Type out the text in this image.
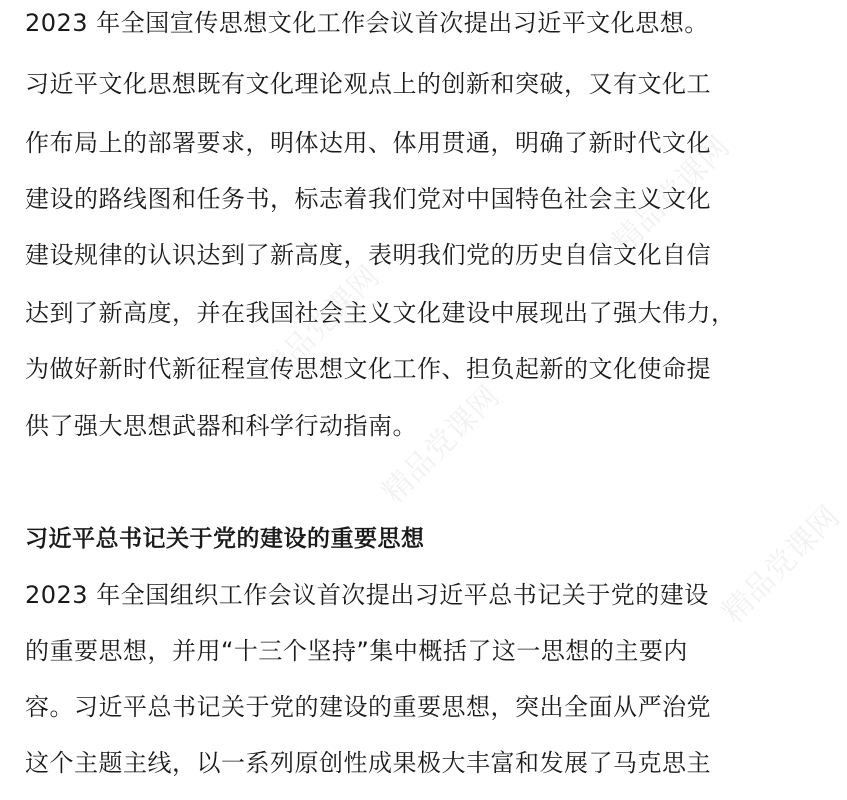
精品党课网
精品党课网
精品党课网
精品党课网
2023 年全国宣传思想文化工作会议首次提出习近平文化思想。
习近平文化思想既有文化理论观点上的创新和突破，又有文化工
作布局上的部署要求，明体达用、体用贯通，明确了新时代文化
建设的路线图和任务书，标志着我们党对中国特色社会主义文化
建设规律的认识达到了新高度，表明我们党的历史自信文化自信
达到了新高度，并在我国社会主义文化建设中展现出了强大伟力，
为做好新时代新征程宣传思想文化工作、担负起新的文化使命提
供了强大思想武器和科学行动指南。
习近平总书记关于党的建设的重要思想
2023 年全国组织工作会议首次提出习近平总书记关于党的建设
的重要思想，并用“十三个坚持”集中概括了这一思想的主要内
容。习近平总书记关于党的建设的重要思想，突出全面从严治党
这个主题主线，以一系列原创性成果极大丰富和发展了马克思主
